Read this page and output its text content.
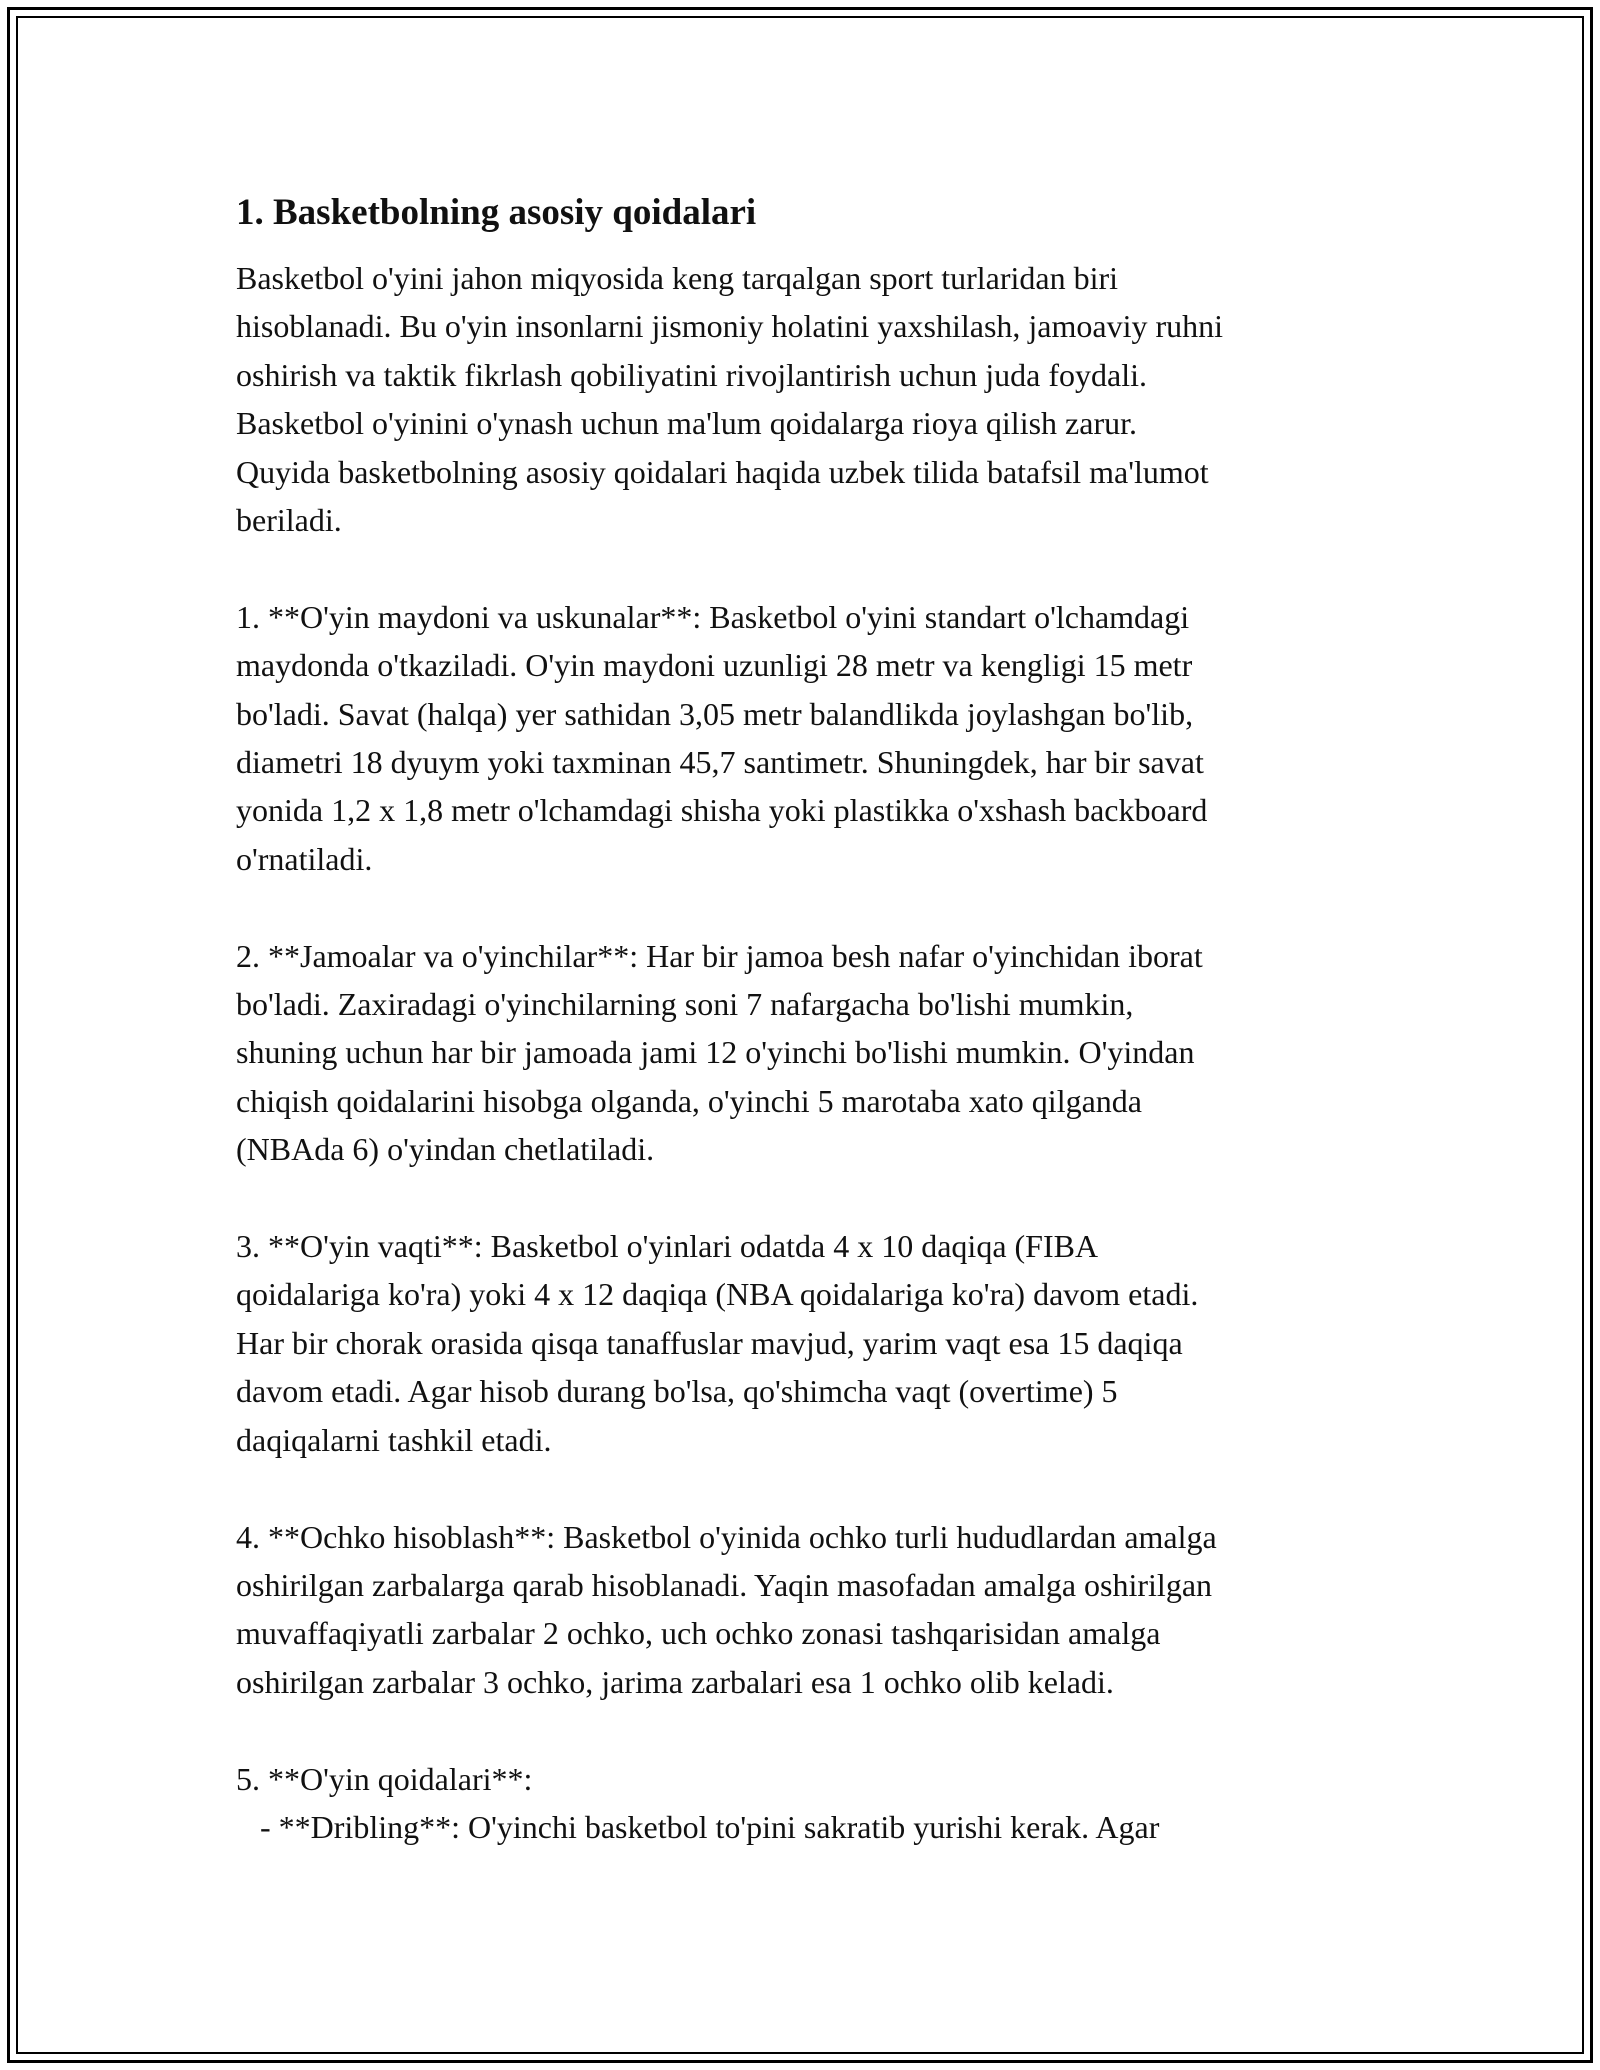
1. Basketbolning asosiy qoidalari
Basketbol o'yini jahon miqyosida keng tarqalgan sport turlaridan biri
hisoblanadi. Bu o'yin insonlarni jismoniy holatini yaxshilash, jamoaviy ruhni
oshirish va taktik fikrlash qobiliyatini rivojlantirish uchun juda foydali.
Basketbol o'yinini o'ynash uchun ma'lum qoidalarga rioya qilish zarur.
Quyida basketbolning asosiy qoidalari haqida uzbek tilida batafsil ma'lumot
beriladi.
1. **O'yin maydoni va uskunalar**: Basketbol o'yini standart o'lchamdagi
maydonda o'tkaziladi. O'yin maydoni uzunligi 28 metr va kengligi 15 metr
bo'ladi. Savat (halqa) yer sathidan 3,05 metr balandlikda joylashgan bo'lib,
diametri 18 dyuym yoki taxminan 45,7 santimetr. Shuningdek, har bir savat
yonida 1,2 x 1,8 metr o'lchamdagi shisha yoki plastikka o'xshash backboard
o'rnatiladi.
2. **Jamoalar va o'yinchilar**: Har bir jamoa besh nafar o'yinchidan iborat
bo'ladi. Zaxiradagi o'yinchilarning soni 7 nafargacha bo'lishi mumkin,
shuning uchun har bir jamoada jami 12 o'yinchi bo'lishi mumkin. O'yindan
chiqish qoidalarini hisobga olganda, o'yinchi 5 marotaba xato qilganda
(NBAda 6) o'yindan chetlatiladi.
3. **O'yin vaqti**: Basketbol o'yinlari odatda 4 x 10 daqiqa (FIBA
qoidalariga ko'ra) yoki 4 x 12 daqiqa (NBA qoidalariga ko'ra) davom etadi.
Har bir chorak orasida qisqa tanaffuslar mavjud, yarim vaqt esa 15 daqiqa
davom etadi. Agar hisob durang bo'lsa, qo'shimcha vaqt (overtime) 5
daqiqalarni tashkil etadi.
4. **Ochko hisoblash**: Basketbol o'yinida ochko turli hududlardan amalga
oshirilgan zarbalarga qarab hisoblanadi. Yaqin masofadan amalga oshirilgan
muvaffaqiyatli zarbalar 2 ochko, uch ochko zonasi tashqarisidan amalga
oshirilgan zarbalar 3 ochko, jarima zarbalari esa 1 ochko olib keladi.
5. **O'yin qoidalari**:
- **Dribling**: O'yinchi basketbol to'pini sakratib yurishi kerak. Agar
